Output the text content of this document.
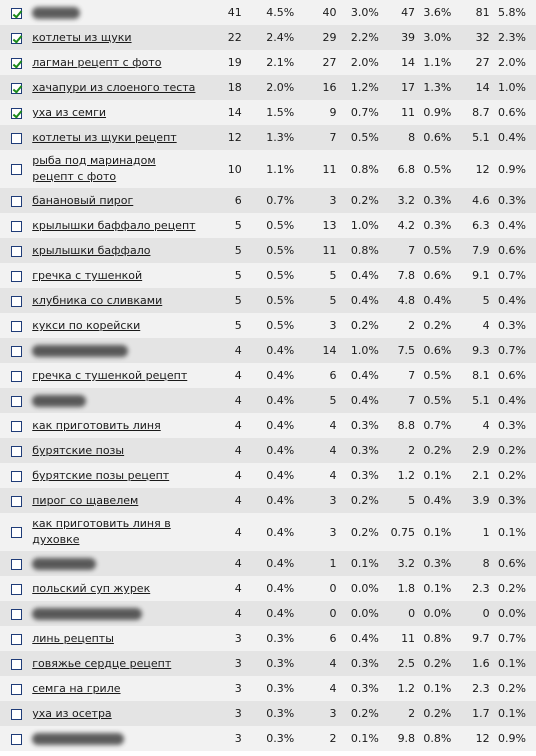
		41	4.5%	40	3.0%	47	3.6%	81	5.8%
	котлеты из щуки	22	2.4%	29	2.2%	39	3.0%	32	2.3%
	лагман рецепт с фото	19	2.1%	27	2.0%	14	1.1%	27	2.0%
	хачапури из слоеного теста	18	2.0%	16	1.2%	17	1.3%	14	1.0%
	уха из семги	14	1.5%	9	0.7%	11	0.9%	8.7	0.6%
	котлеты из щуки рецепт	12	1.3%	7	0.5%	8	0.6%	5.1	0.4%
	рыба под маринадом рецепт с фото	10	1.1%	11	0.8%	6.8	0.5%	12	0.9%
	банановый пирог	6	0.7%	3	0.2%	3.2	0.3%	4.6	0.3%
	крылышки баффало рецепт	5	0.5%	13	1.0%	4.2	0.3%	6.3	0.4%
	крылышки баффало	5	0.5%	11	0.8%	7	0.5%	7.9	0.6%
	гречка с тушенкой	5	0.5%	5	0.4%	7.8	0.6%	9.1	0.7%
	клубника со сливками	5	0.5%	5	0.4%	4.8	0.4%	5	0.4%
	кукси по корейски	5	0.5%	3	0.2%	2	0.2%	4	0.3%
		4	0.4%	14	1.0%	7.5	0.6%	9.3	0.7%
	гречка с тушенкой рецепт	4	0.4%	6	0.4%	7	0.5%	8.1	0.6%
		4	0.4%	5	0.4%	7	0.5%	5.1	0.4%
	как приготовить линя	4	0.4%	4	0.3%	8.8	0.7%	4	0.3%
	бурятские позы	4	0.4%	4	0.3%	2	0.2%	2.9	0.2%
	бурятские позы рецепт	4	0.4%	4	0.3%	1.2	0.1%	2.1	0.2%
	пирог со щавелем	4	0.4%	3	0.2%	5	0.4%	3.9	0.3%
	как приготовить линя в духовке	4	0.4%	3	0.2%	0.75	0.1%	1	0.1%
		4	0.4%	1	0.1%	3.2	0.3%	8	0.6%
	польский суп журек	4	0.4%	0	0.0%	1.8	0.1%	2.3	0.2%
		4	0.4%	0	0.0%	0	0.0%	0	0.0%
	линь рецепты	3	0.3%	6	0.4%	11	0.8%	9.7	0.7%
	говяжье сердце рецепт	3	0.3%	4	0.3%	2.5	0.2%	1.6	0.1%
	семга на гриле	3	0.3%	4	0.3%	1.2	0.1%	2.3	0.2%
	уха из осетра	3	0.3%	3	0.2%	2	0.2%	1.7	0.1%
		3	0.3%	2	0.1%	9.8	0.8%	12	0.9%
